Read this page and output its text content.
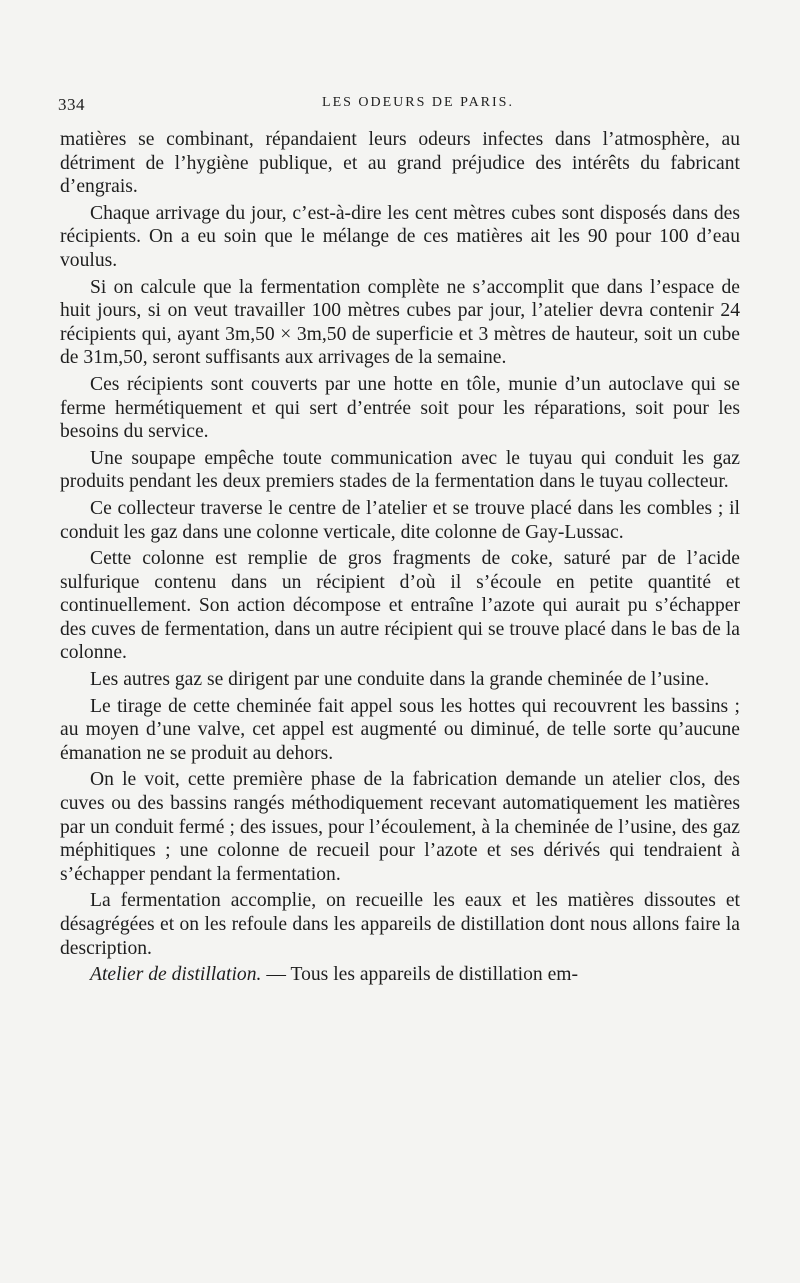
334	LES ODEURS DE PARIS.

matières se combinant, répandaient leurs odeurs infectes dans l’atmosphère, au détriment de l’hygiène publique, et au grand préjudice des intérêts du fabricant d’engrais.

Chaque arrivage du jour, c’est-à-dire les cent mètres cubes sont disposés dans des récipients. On a eu soin que le mélange de ces matières ait les 90 pour 100 d’eau voulus.

Si on calcule que la fermentation complète ne s’accomplit que dans l’espace de huit jours, si on veut travailler 100 mètres cubes par jour, l’atelier devra contenir 24 récipients qui, ayant 3m,50 × 3m,50 de superficie et 3 mètres de hauteur, soit un cube de 31m,50, seront suffisants aux arrivages de la semaine.

Ces récipients sont couverts par une hotte en tôle, munie d’un autoclave qui se ferme hermétiquement et qui sert d’entrée soit pour les réparations, soit pour les besoins du service.

Une soupape empêche toute communication avec le tuyau qui conduit les gaz produits pendant les deux premiers stades de la fermentation dans le tuyau collecteur.

Ce collecteur traverse le centre de l’atelier et se trouve placé dans les combles ; il conduit les gaz dans une colonne verticale, dite colonne de Gay-Lussac.

Cette colonne est remplie de gros fragments de coke, saturé par de l’acide sulfurique contenu dans un récipient d’où il s’écoule en petite quantité et continuellement. Son action décompose et entraîne l’azote qui aurait pu s’échapper des cuves de fermentation, dans un autre récipient qui se trouve placé dans le bas de la colonne.

Les autres gaz se dirigent par une conduite dans la grande cheminée de l’usine.

Le tirage de cette cheminée fait appel sous les hottes qui recouvrent les bassins ; au moyen d’une valve, cet appel est augmenté ou diminué, de telle sorte qu’aucune émanation ne se produit au dehors.

On le voit, cette première phase de la fabrication demande un atelier clos, des cuves ou des bassins rangés méthodiquement recevant automatiquement les matières par un conduit fermé ; des issues, pour l’écoulement, à la cheminée de l’usine, des gaz méphitiques ; une colonne de recueil pour l’azote et ses dérivés qui tendraient à s’échapper pendant la fermentation.

La fermentation accomplie, on recueille les eaux et les matières dissoutes et désagrégées et on les refoule dans les appareils de distillation dont nous allons faire la description.

Atelier de distillation. — Tous les appareils de distillation em-
